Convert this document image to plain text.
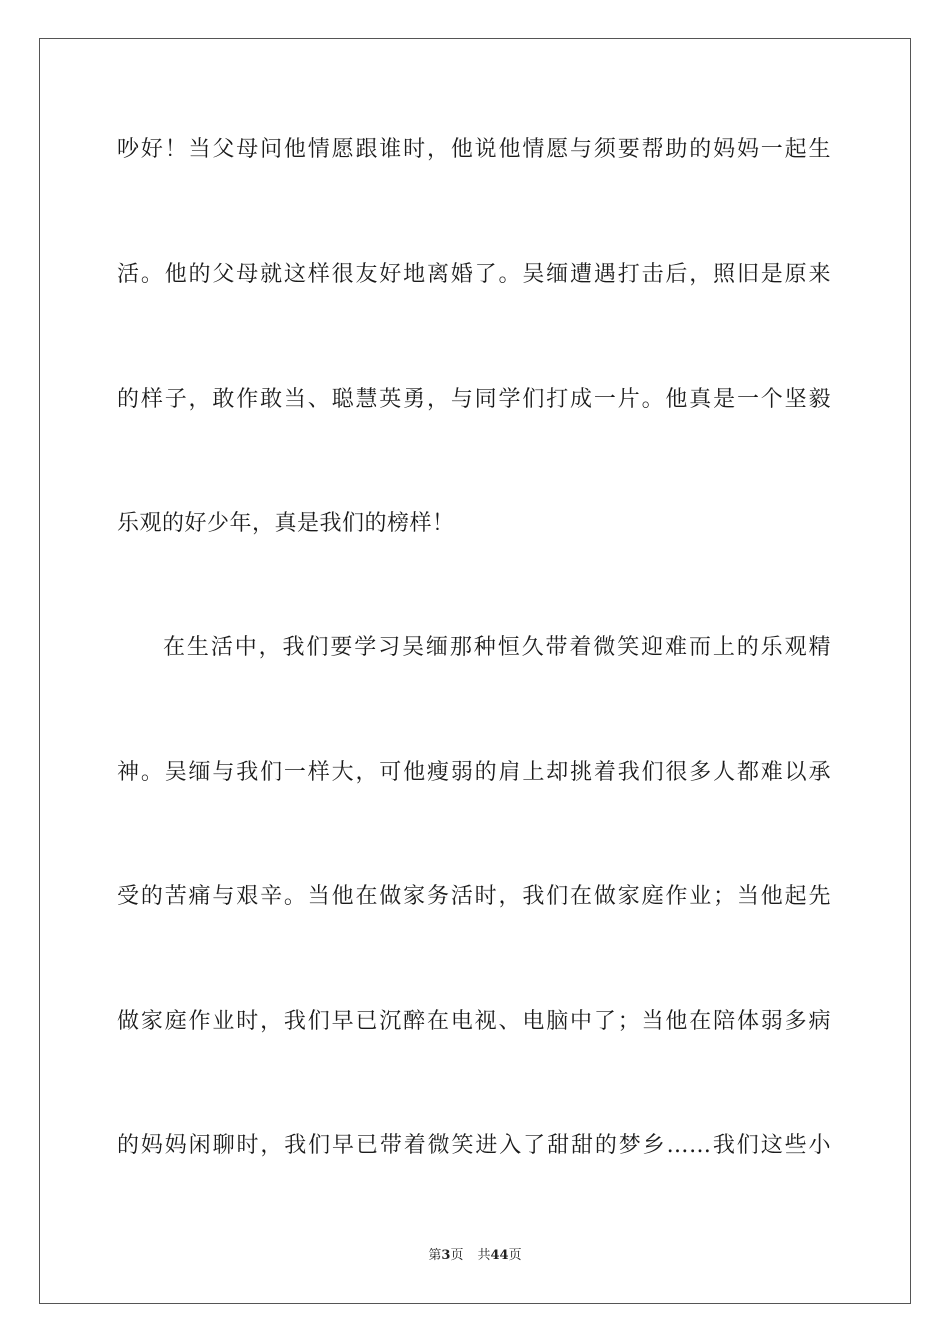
吵好！当父母问他情愿跟谁时，他说他情愿与须要帮助的妈妈一起生
活。他的父母就这样很友好地离婚了。吴缅遭遇打击后，照旧是原来
的样子，敢作敢当、聪慧英勇，与同学们打成一片。他真是一个坚毅
乐观的好少年，真是我们的榜样！
在生活中，我们要学习吴缅那种恒久带着微笑迎难而上的乐观精
神。吴缅与我们一样大，可他瘦弱的肩上却挑着我们很多人都难以承
受的苦痛与艰辛。当他在做家务活时，我们在做家庭作业；当他起先
做家庭作业时，我们早已沉醉在电视、电脑中了；当他在陪体弱多病
的妈妈闲聊时，我们早已带着微笑进入了甜甜的梦乡……我们这些小
第3页 共44页
